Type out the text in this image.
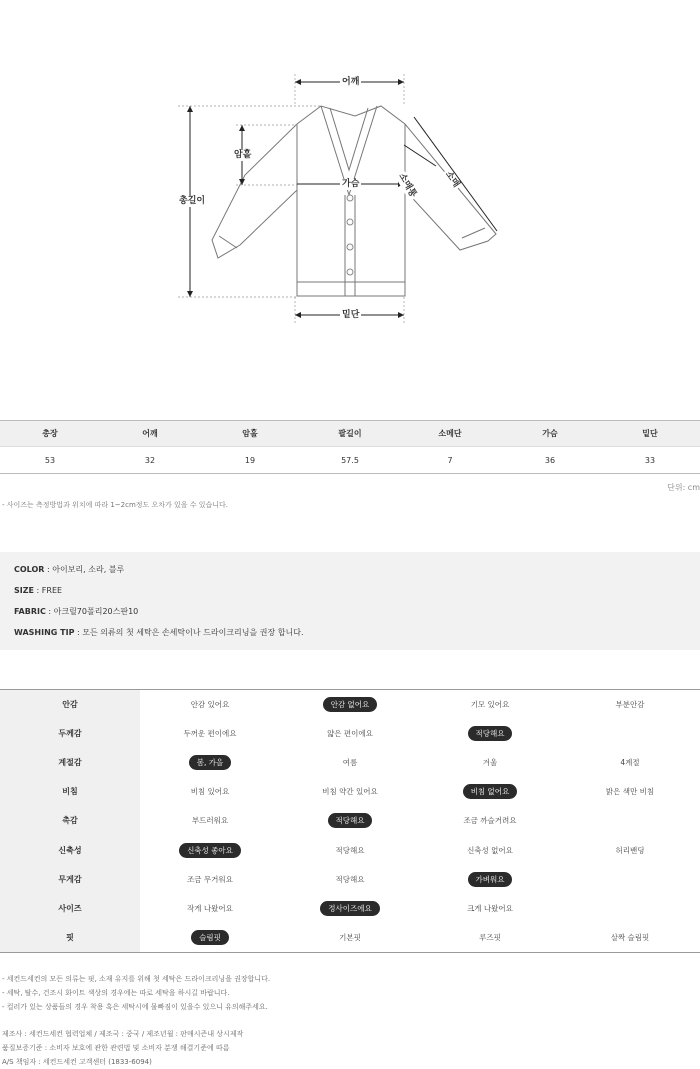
어깨
총길이
암홀
가슴	소매통	소매
밑단
총장	어깨	암홀	팔길이	소메단	가슴	밑단
53	32	19	57.5	7	36	33
단위: cm
- 사이즈는 측정방법과 위치에 따라 1~2cm정도 오차가 있을 수 있습니다.
COLOR : 아이보리, 소라, 블루
SIZE : FREE
FABRIC : 아크릴70폴리20스판10
WASHING TIP : 모든 의류의 첫 세탁은 손세탁이나 드라이크리닝을 권장 합니다.
안감	안감 있어요	안감 없어요	기모 있어요	부분안감
두께감	두꺼운 편이에요	얇은 편이에요	적당해요
계절감	봄, 가을	여름	겨울	4계절
비침	비침 있어요	비침 약간 있어요	비침 없어요	밝은 색만 비침
촉감	부드러워요	적당해요	조금 까슬거려요
신축성	신축성 좋아요	적당해요	신축성 없어요	허리밴딩
무게감	조금 무거워요	적당해요	가벼워요
사이즈	작게 나왔어요	정사이즈에요	크게 나왔어요
핏	슬림핏	기본핏	루즈핏	살짝 슬림핏
- 세컨드세컨의 모든 의류는 핏, 소재 유지를 위해 첫 세탁은 드라이크리닝을 권장합니다.
- 세탁, 탈수, 건조시 화이트 색상의 경우에는 따로 세탁을 하시길 바랍니다.
- 컬러가 있는 상품들의 경우 착용 혹은 세탁시에 물빠짐이 있을수 있으니 유의해주세요.
제조사 : 세컨드세컨 협력업체 / 제조국 : 중국 / 제조년월 : 판매시즌내 상시제작
품질보증기준 : 소비자 보호에 관한 관련법 및 소비자 분쟁 해결기준에 따름
A/S 책임자 : 세컨드세컨 고객센터 (1833-6094)
